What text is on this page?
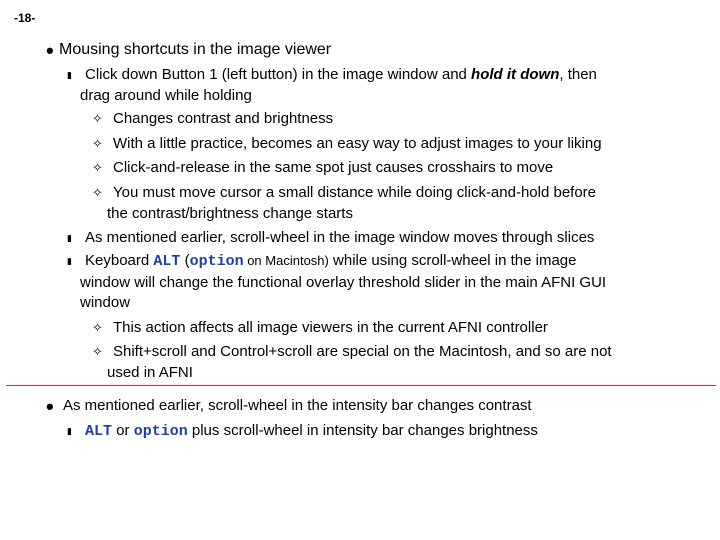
-18-
• Mousing shortcuts in the image viewer
▮ Click down Button 1 (left button) in the image window and hold it down, then
drag around while holding
✧ Changes contrast and brightness
✧ With a little practice, becomes an easy way to adjust images to your liking
✧ Click-and-release in the same spot just causes crosshairs to move
✧ You must move cursor a small distance while doing click-and-hold before
the contrast/brightness change starts
▮ As mentioned earlier, scroll-wheel in the image window moves through slices
▮ Keyboard ALT (option on Macintosh) while using scroll-wheel in the image
window will change the functional overlay threshold slider in the main AFNI GUI
window
✧ This action affects all image viewers in the current AFNI controller
✧ Shift+scroll and Control+scroll are special on the Macintosh, and so are not
used in AFNI
• As mentioned earlier, scroll-wheel in the intensity bar changes contrast
▮ ALT or option plus scroll-wheel in intensity bar changes brightness
